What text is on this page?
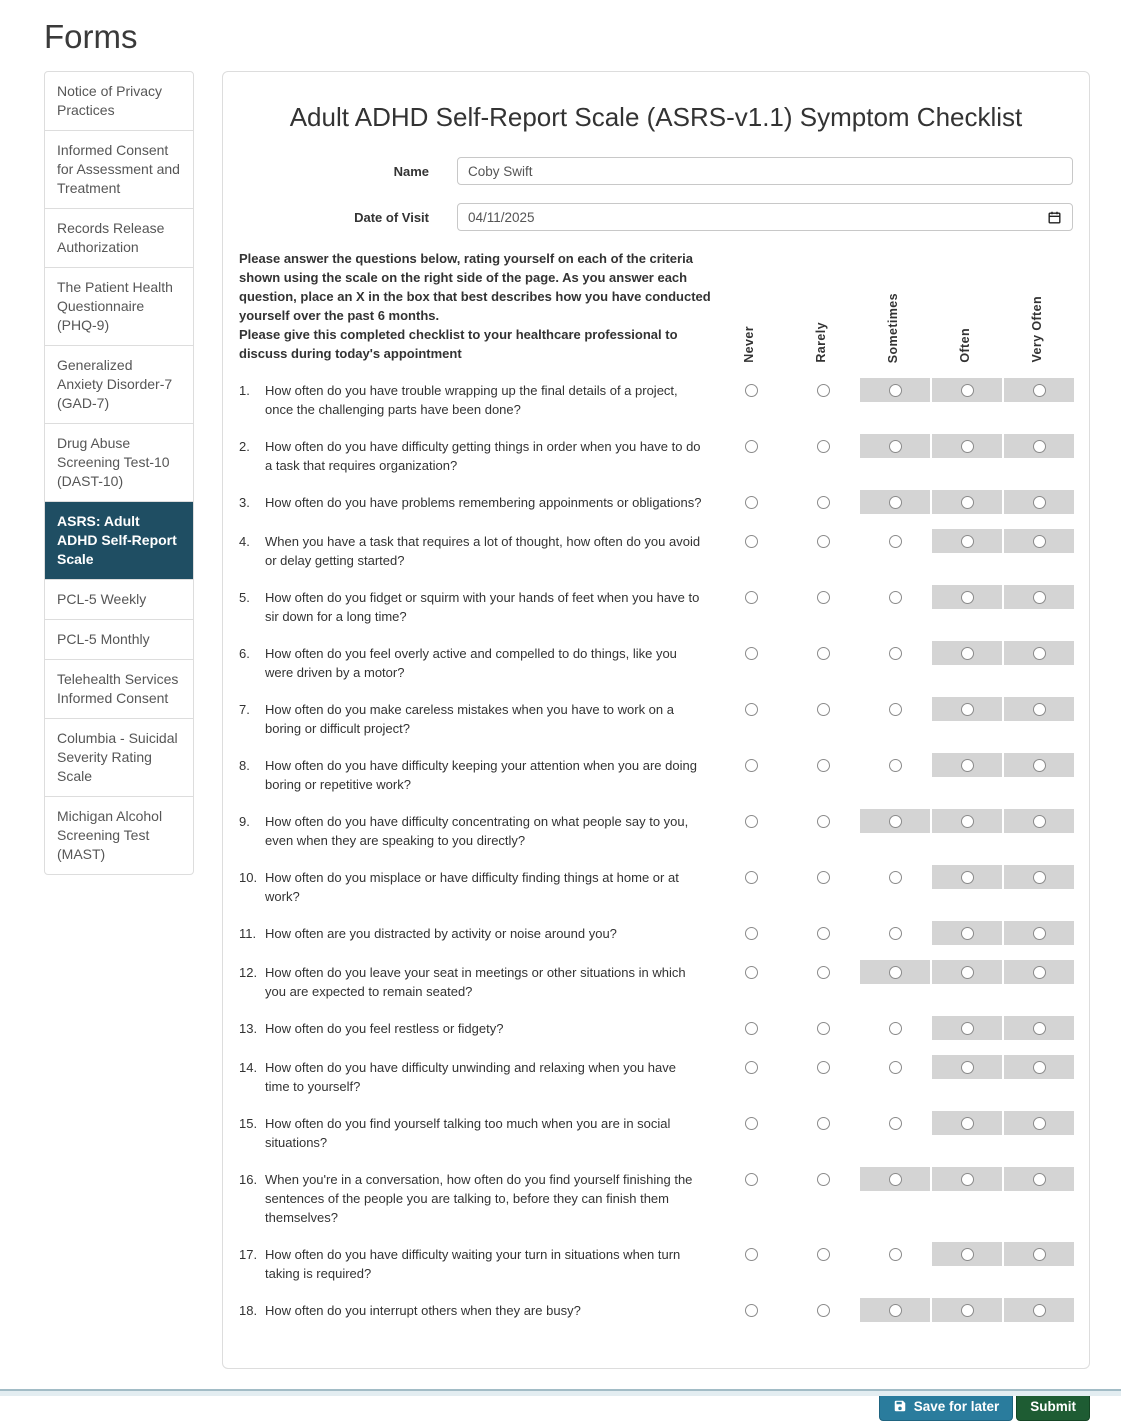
Forms
Notice of Privacy Practices
Informed Consent for Assessment and Treatment
Records Release Authorization
The Patient Health Questionnaire (PHQ-9)
Generalized Anxiety Disorder-7 (GAD-7)
Drug Abuse Screening Test-10 (DAST-10)
ASRS: Adult ADHD Self-Report Scale
PCL-5 Weekly
PCL-5 Monthly
Telehealth Services Informed Consent
Columbia - Suicidal Severity Rating Scale
Michigan Alcohol Screening Test (MAST)
Adult ADHD Self-Report Scale (ASRS-v1.1) Symptom Checklist
Name
Coby Swift
Date of Visit	04/11/2025

Please answer the questions below, rating yourself on each of the criteria shown using the scale on the right side of the page. As you answer each question, place an X in the box that best describes how you have conducted yourself over the past 6 months.

Please give this completed checklist to your healthcare professional to discuss during today's appointment	Never	Rarely	Sometimes	Often	Very Often
1.	How often do you have trouble wrapping up the final details of a project, once the challenging parts have been done?
2.	How often do you have difficulty getting things in order when you have to do a task that requires organization?
3.	How often do you have problems remembering appoinments or obligations?
4.	When you have a task that requires a lot of thought, how often do you avoid or delay getting started?
5.	How often do you fidget or squirm with your hands of feet when you have to sir down for a long time?
6.	How often do you feel overly active and compelled to do things, like you were driven by a motor?
7.	How often do you make careless mistakes when you have to work on a boring or difficult project?
8.	How often do you have difficulty keeping your attention when you are doing boring or repetitive work?
9.	How often do you have difficulty concentrating on what people say to you, even when they are speaking to you directly?
10. How often do you misplace or have difficulty finding things at home or at work?
11. How often are you distracted by activity or noise around you?
12. How often do you leave your seat in meetings or other situations in which you are expected to remain seated?
13. How often do you feel restless or fidgety?
14. How often do you have difficulty unwinding and relaxing when you have time to yourself?
15. How often do you find yourself talking too much when you are in social situations?
16. When you're in a conversation, how often do you find yourself finishing the sentences of the people you are talking to, before they can finish them themselves?
17. How often do you have difficulty waiting your turn in situations when turn taking is required?
18. How often do you interrupt others when they are busy?
Save for later Submit
